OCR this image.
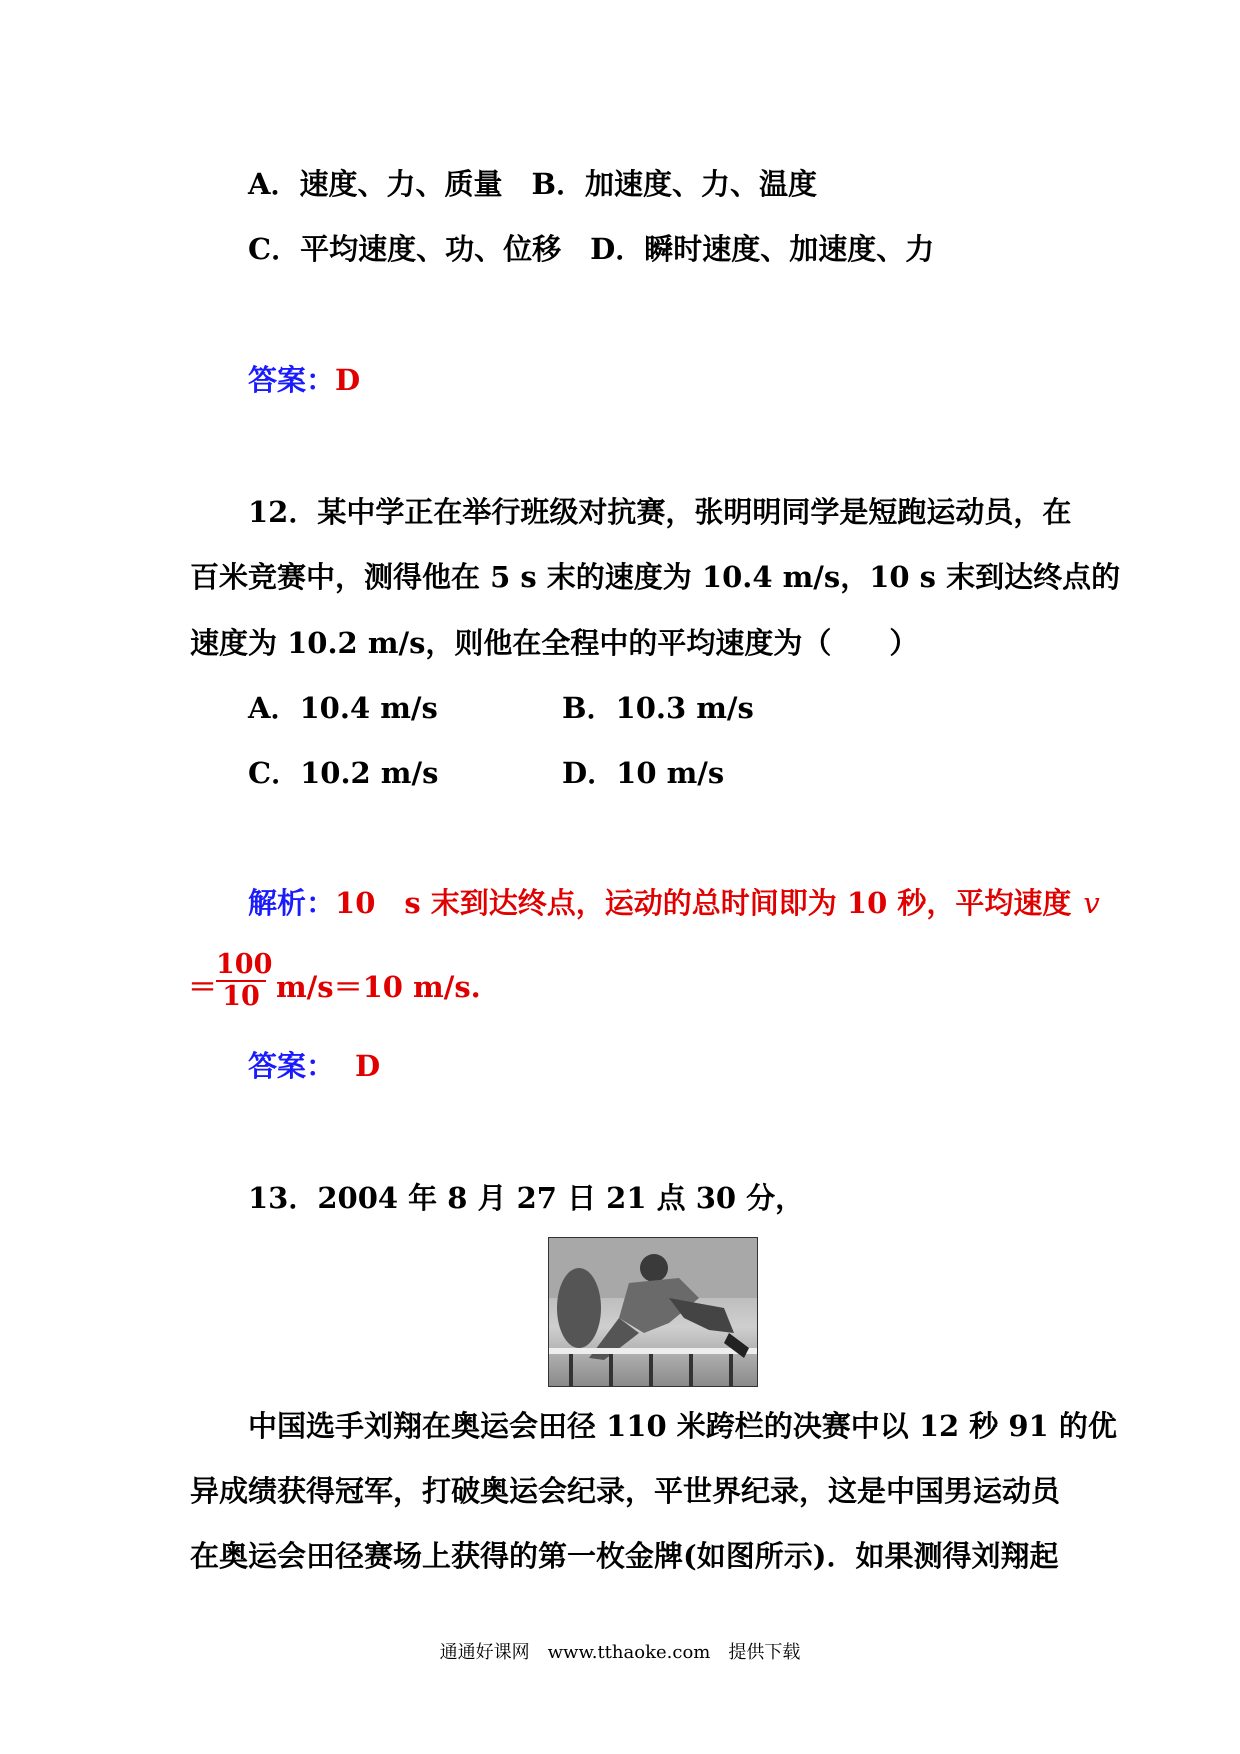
A．速度、力、质量　B．加速度、力、温度
C．平均速度、功、位移　D．瞬时速度、加速度、力
答案：D
12．某中学正在举行班级对抗赛，张明明同学是短跑运动员，在
百米竞赛中，测得他在 5 s 末的速度为 10.4 m/s，10 s 末到达终点的
速度为 10.2 m/s，则他在全程中的平均速度为（　　）
A．10.4 m/s	B．10.3 m/s
C．10.2 m/s	D．10 m/s
解析：10　s 末到达终点，运动的总时间即为 10 秒，平均速度 v
＝
100
10 m/s＝10 m/s.
答案： D
13．2004 年 8 月 27 日 21 点 30 分，
中国选手刘翔在奥运会田径 110 米跨栏的决赛中以 12 秒 91 的优
异成绩获得冠军，打破奥运会纪录，平世界纪录，这是中国男运动员
在奥运会田径赛场上获得的第一枚金牌(如图所示)．如果测得刘翔起
通通好课网　www.tthaoke.com　提供下载
